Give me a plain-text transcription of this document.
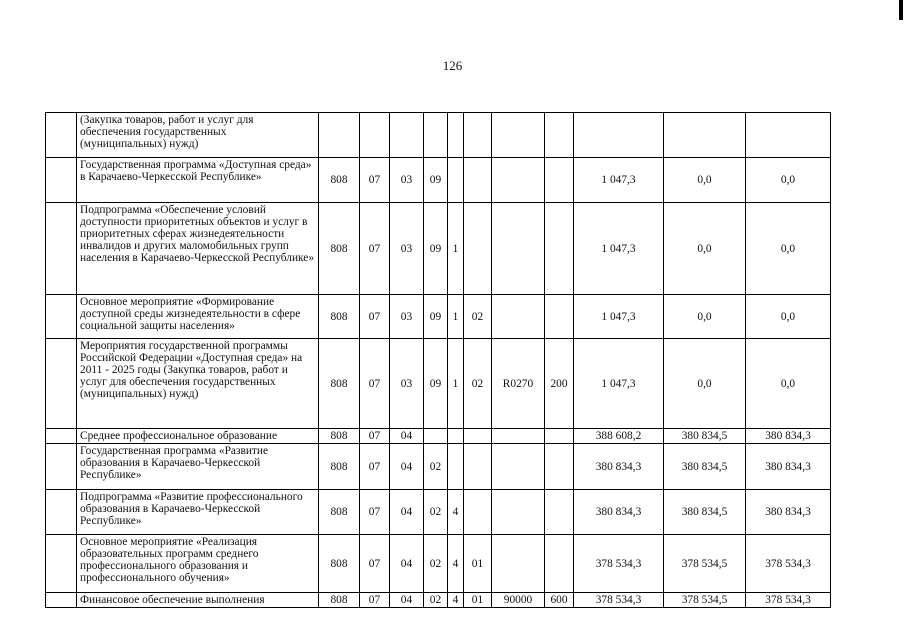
126
	(Закупка товаров, работ и услуг для обеспечения государственных (муниципальных) нужд)											
	Государственная программа «Доступная среда» в Карачаево-Черкесской Республике»	808	07	03	09					1 047,3	0,0	0,0
	Подпрограмма «Обеспечение условий доступности приоритетных объектов и услуг в приоритетных сферах жизнедеятельности инвалидов и других маломобильных групп населения в Карачаево-Черкесской Республике»	808	07	03	09	1				1 047,3	0,0	0,0
	Основное мероприятие «Формирование доступной среды жизнедеятельности в сфере социальной защиты населения»	808	07	03	09	1	02			1 047,3	0,0	0,0
	Мероприятия государственной программы Российской Федерации «Доступная среда» на 2011 - 2025 годы (Закупка товаров, работ и услуг для обеспечения государственных (муниципальных) нужд)	808	07	03	09	1	02	R0270	200	1 047,3	0,0	0,0
	Среднее профессиональное образование	808	07	04						388 608,2	380 834,5	380 834,3
	Государственная программа «Развитие образования в Карачаево-Черкесской Республике»	808	07	04	02					380 834,3	380 834,5	380 834,3
	Подпрограмма «Развитие профессионального образования в Карачаево-Черкесской Республике»	808	07	04	02	4				380 834,3	380 834,5	380 834,3
	Основное мероприятие «Реализация образовательных программ среднего профессионального образования и профессионального обучения»	808	07	04	02	4	01			378 534,3	378 534,5	378 534,3
	Финансовое обеспечение выполнения	808	07	04	02	4	01	90000	600	378 534,3	378 534,5	378 534,3
